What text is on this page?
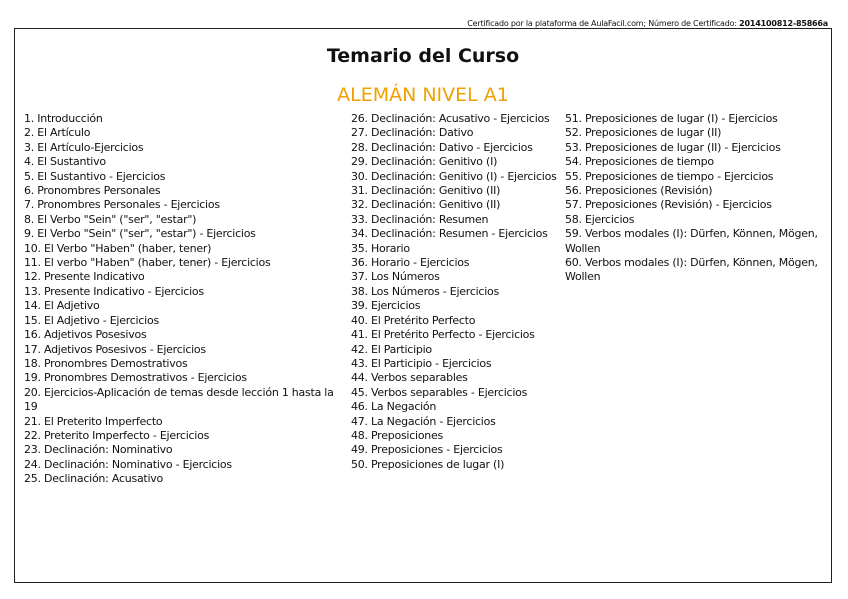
Certificado por la plataforma de AulaFacil.com; Número de Certificado: 2014100812-85866a
Temario del Curso
ALEMÁN NIVEL A1
1. Introducción
2. El Artículo
3. El Artículo-Ejercicios
4. El Sustantivo
5. El Sustantivo - Ejercicios
6. Pronombres Personales
7. Pronombres Personales - Ejercicios
8. El Verbo "Sein" ("ser", "estar")
9. El Verbo "Sein" ("ser", "estar") - Ejercicios
10. El Verbo "Haben" (haber, tener)
11. El verbo "Haben" (haber, tener) - Ejercicios
12. Presente Indicativo
13. Presente Indicativo - Ejercicios
14. El Adjetivo
15. El Adjetivo - Ejercicios
16. Adjetivos Posesivos
17. Adjetivos Posesivos - Ejercicios
18. Pronombres Demostrativos
19. Pronombres Demostrativos - Ejercicios
20. Ejercicios-Aplicación de temas desde lección 1 hasta la 19
21. El Preterito Imperfecto
22. Preterito Imperfecto - Ejercicios
23. Declinación: Nominativo
24. Declinación: Nominativo - Ejercicios
25. Declinación: Acusativo
26. Declinación: Acusativo - Ejercicios
27. Declinación: Dativo
28. Declinación: Dativo - Ejercicios
29. Declinación: Genitivo (I)
30. Declinación: Genitivo (I) - Ejercicios
31. Declinación: Genitivo (II)
32. Declinación: Genitivo (II)
33. Declinación: Resumen
34. Declinación: Resumen - Ejercicios
35. Horario
36. Horario - Ejercicios
37. Los Números
38. Los Números - Ejercicios
39. Ejercicios
40. El Pretérito Perfecto
41. El Pretérito Perfecto - Ejercicios
42. El Participio
43. El Participio - Ejercicios
44. Verbos separables
45. Verbos separables - Ejercicios
46. La Negación
47. La Negación - Ejercicios
48. Preposiciones
49. Preposiciones - Ejercicios
50. Preposiciones de lugar (I)
51. Preposiciones de lugar (I) - Ejercicios
52. Preposiciones de lugar (II)
53. Preposiciones de lugar (II) - Ejercicios
54. Preposiciones de tiempo
55. Preposiciones de tiempo - Ejercicios
56. Preposiciones (Revisión)
57. Preposiciones (Revisión) - Ejercicios
58. Ejercicios
59. Verbos modales (I): Dürfen, Können, Mögen, Wollen
60. Verbos modales (I): Dürfen, Können, Mögen, Wollen
